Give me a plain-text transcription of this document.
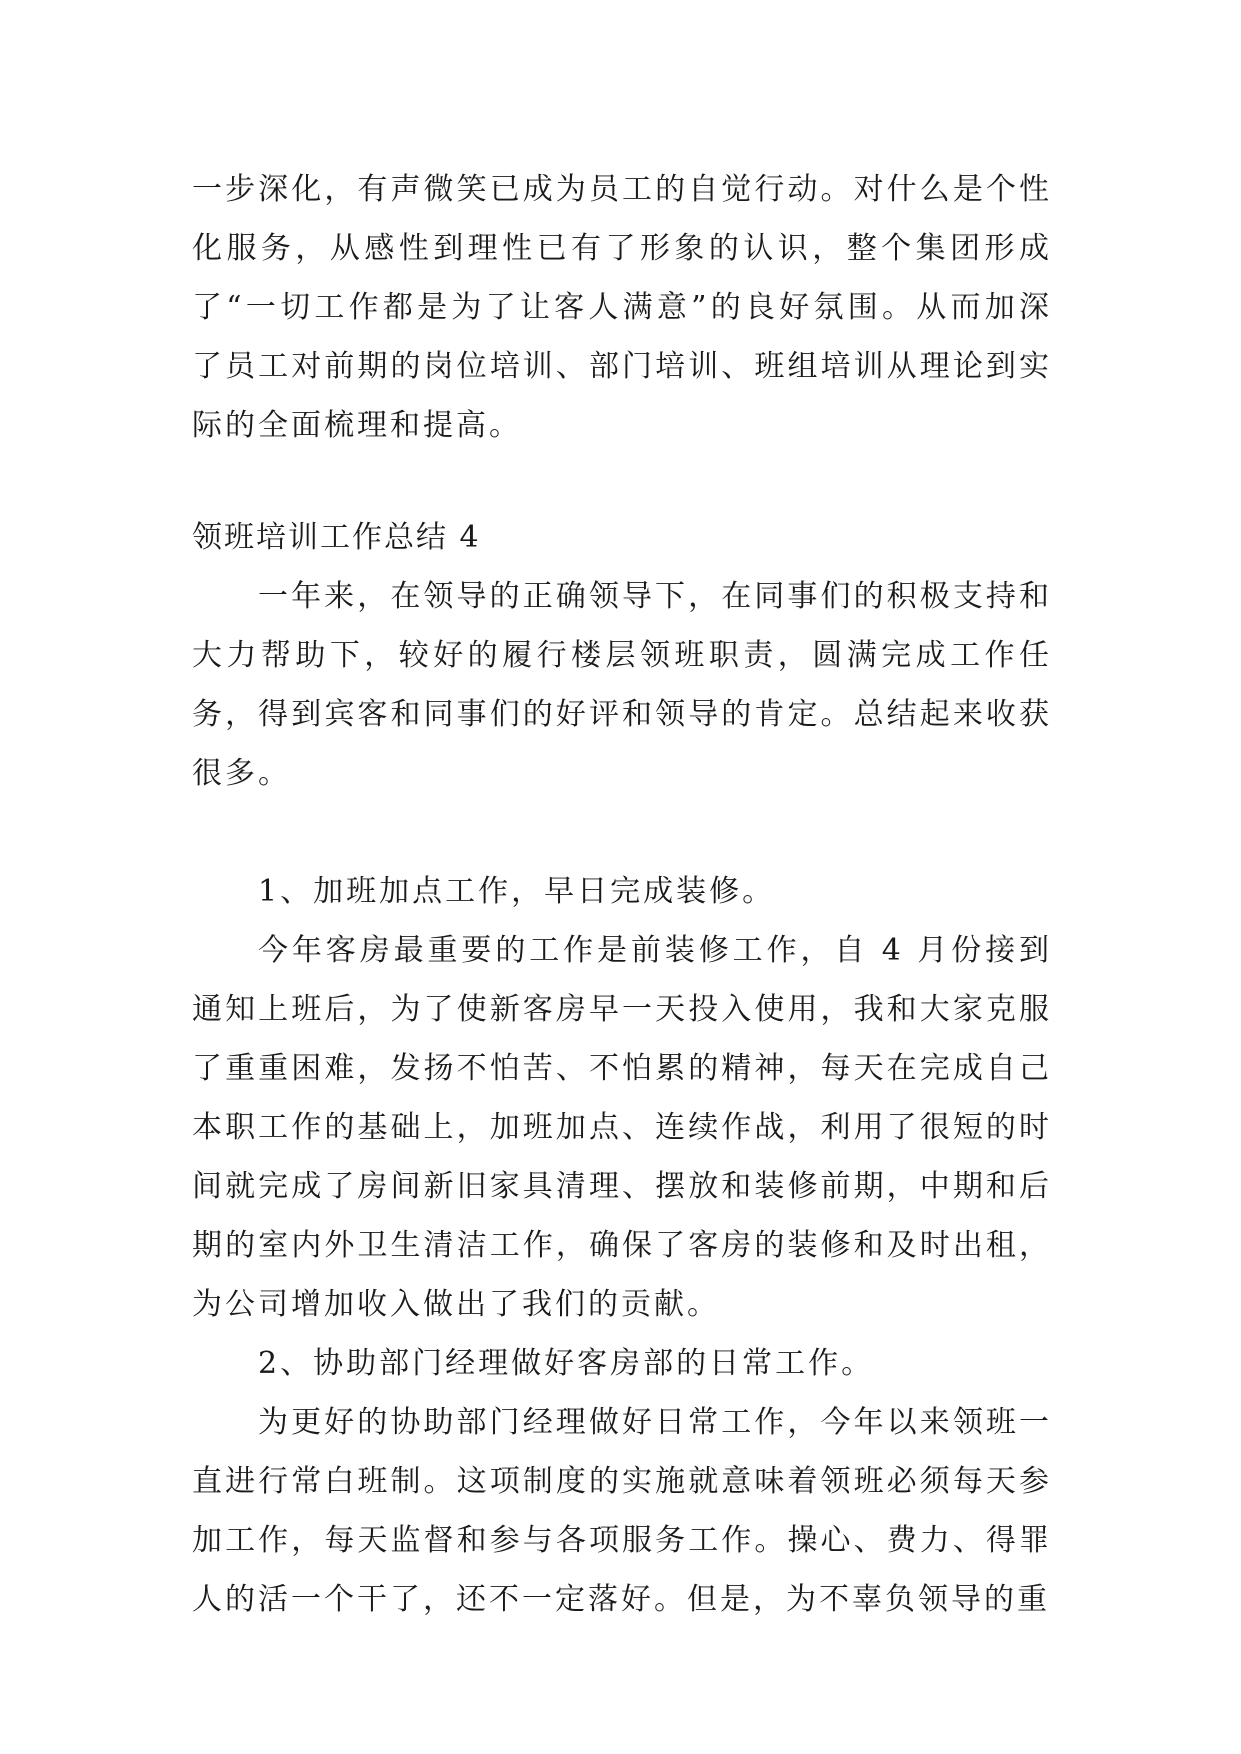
一步深化，有声微笑已成为员工的自觉行动。对什么是个性化服务，从感性到理性已有了形象的认识，整个集团形成了“一切工作都是为了让客人满意”的良好氛围。从而加深了员工对前期的岗位培训、部门培训、班组培训从理论到实际的全面梳理和提高。

领班培训工作总结 4

一年来，在领导的正确领导下，在同事们的积极支持和大力帮助下，较好的履行楼层领班职责，圆满完成工作任务，得到宾客和同事们的好评和领导的肯定。总结起来收获很多。

1、加班加点工作，早日完成装修。

今年客房最重要的工作是前装修工作，自 4 月份接到通知上班后，为了使新客房早一天投入使用，我和大家克服了重重困难，发扬不怕苦、不怕累的精神，每天在完成自己本职工作的基础上，加班加点、连续作战，利用了很短的时间就完成了房间新旧家具清理、摆放和装修前期，中期和后期的室内外卫生清洁工作，确保了客房的装修和及时出租，为公司增加收入做出了我们的贡献。

2、协助部门经理做好客房部的日常工作。

为更好的协助部门经理做好日常工作，今年以来领班一直进行常白班制。这项制度的实施就意味着领班必须每天参加工作，每天监督和参与各项服务工作。操心、费力、得罪人的活一个干了，还不一定落好。但是，为不辜负领导的重
